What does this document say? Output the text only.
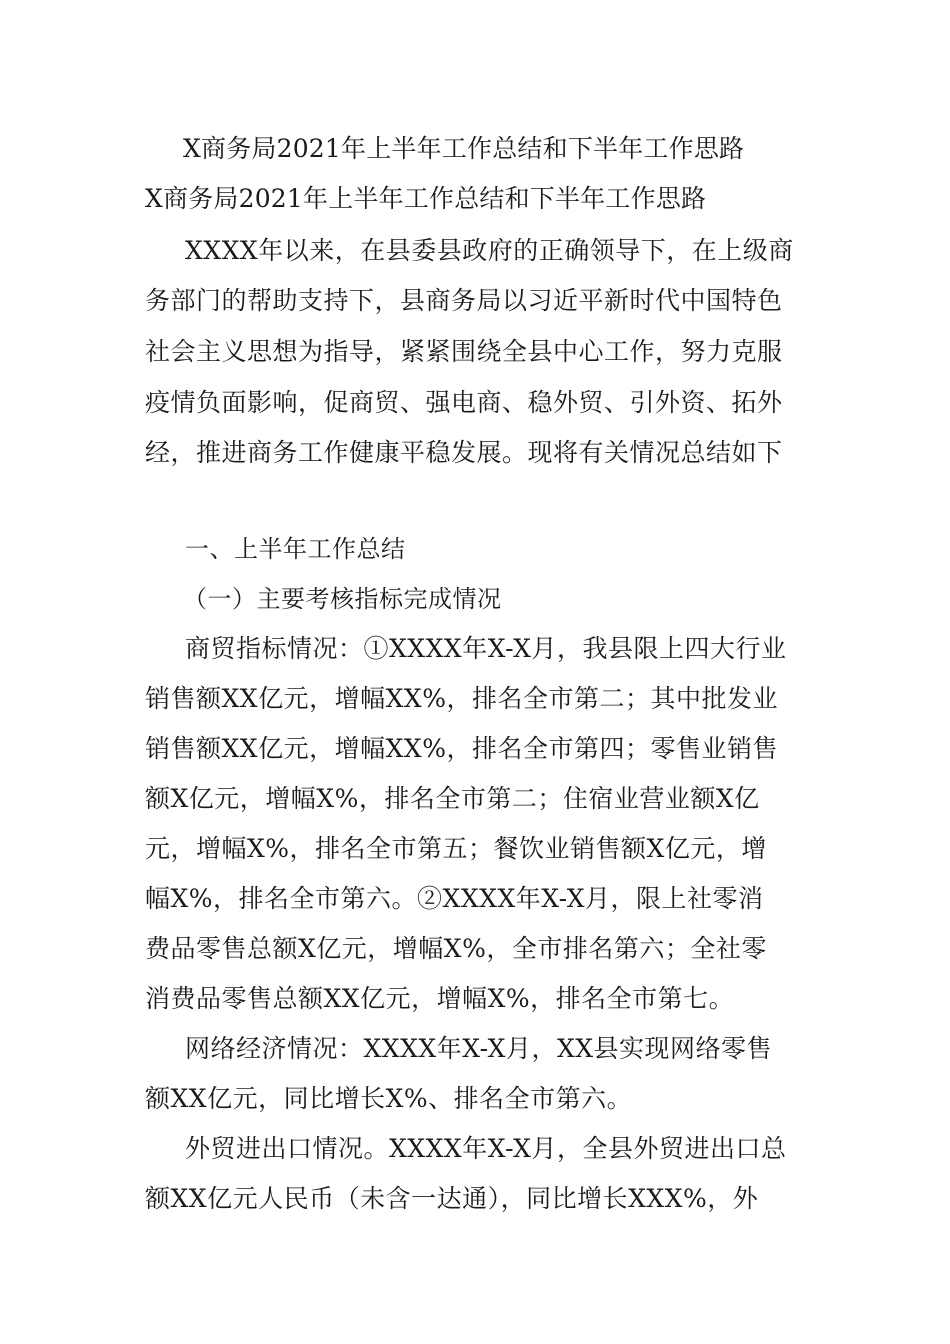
X商务局2021年上半年工作总结和下半年工作思路
X商务局2021年上半年工作总结和下半年工作思路
XXXX年以来，在县委县政府的正确领导下，在上级商
务部门的帮助支持下，县商务局以习近平新时代中国特色
社会主义思想为指导，紧紧围绕全县中心工作，努力克服
疫情负面影响，促商贸、强电商、稳外贸、引外资、拓外
经，推进商务工作健康平稳发展。现将有关情况总结如下
一、上半年工作总结
（一）主要考核指标完成情况
商贸指标情况：①XXXX年X-X月，我县限上四大行业
销售额XX亿元，增幅XX%，排名全市第二；其中批发业
销售额XX亿元，增幅XX%，排名全市第四；零售业销售
额X亿元，增幅X%，排名全市第二；住宿业营业额X亿
元，增幅X%，排名全市第五；餐饮业销售额X亿元，增
幅X%，排名全市第六。②XXXX年X-X月，限上社零消
费品零售总额X亿元，增幅X%，全市排名第六；全社零
消费品零售总额XX亿元，增幅X%，排名全市第七。
网络经济情况：XXXX年X-X月，XX县实现网络零售
额XX亿元，同比增长X%、排名全市第六。
外贸进出口情况。XXXX年X-X月，全县外贸进出口总
额XX亿元人民币（未含一达通），同比增长XXX%，外
